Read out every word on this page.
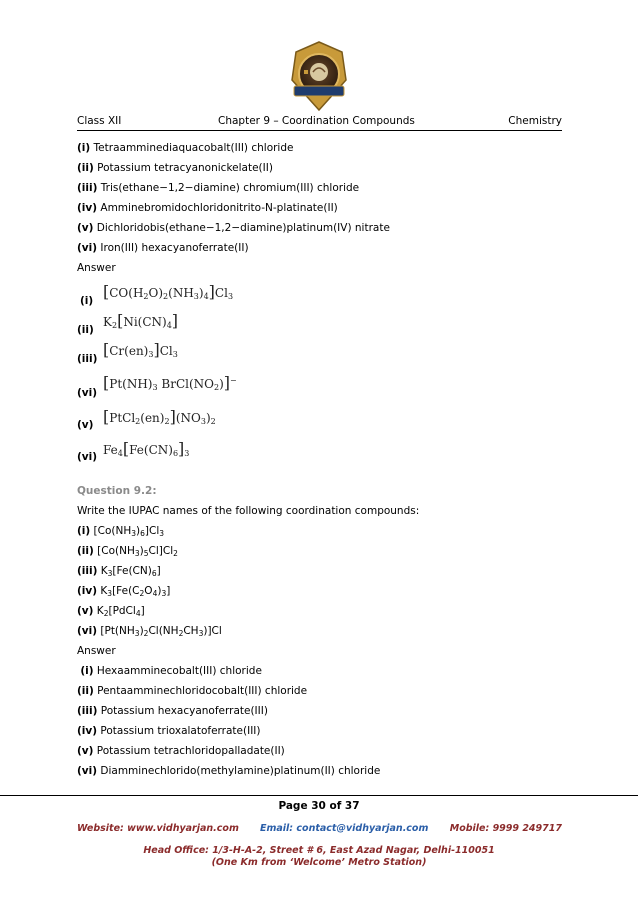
Class XII	Chapter 9 – Coordination Compounds	Chemistry
(i) Tetraamminediaquacobalt(III) chloride
(ii) Potassium tetracyanonickelate(II)
(iii) Tris(ethane−1,2−diamine) chromium(III) chloride
(iv) Amminebromidochloridonitrito-N-platinate(II)
(v) Dichloridobis(ethane−1,2−diamine)platinum(IV) nitrate
(vi) Iron(III) hexacyanoferrate(II)
Answer
(i) $[CO(H_2O)_2(NH_3)_4]Cl_3$
(ii)
$K_2[Ni(CN)_4]$
(iii) $[Cr(en)_3]Cl_3$
(vi)
[$Pt(NH)_3$ $BrCl(NO_2)]^-$
(v) $[PtCl_2(en)_2](NO_3)_2$
(vi) $Fe_4[Fe(CN)_6]_3$
Question 9.2:
Write the IUPAC names of the following coordination compounds:
(i) $[Co(NH_3)_6]Cl_3$
(ii) $[Co(NH_3)_5Cl]Cl_2$
(iii) $K_3[Fe(CN)_6]$
(iv) $K_3[Fe(C_2O_4)_3]$
(v) $K_2[PdCl_4]$
(vi) $[Pt(NH_3)_2Cl(NH_2CH_3)]Cl$
Answer
(i) Hexaamminecobalt(III) chloride
(ii) Pentaamminechloridocobalt(III) chloride
(iii) Potassium hexacyanoferrate(III)
(iv) Potassium trioxalatoferrate(III)
(v) Potassium tetrachloridopalladate(II)
(vi) Diamminechlorido(methylamine)platinum(II) chloride
Page 30 of 37
Website: www.vidhyarjan.com Email: contact@vidhyarjan.com Mobile: 9999 249717
Head Office: 1/3-H-A-2, Street # 6, East Azad Nagar, Delhi-110051
(One Km from ‘Welcome’ Metro Station)
